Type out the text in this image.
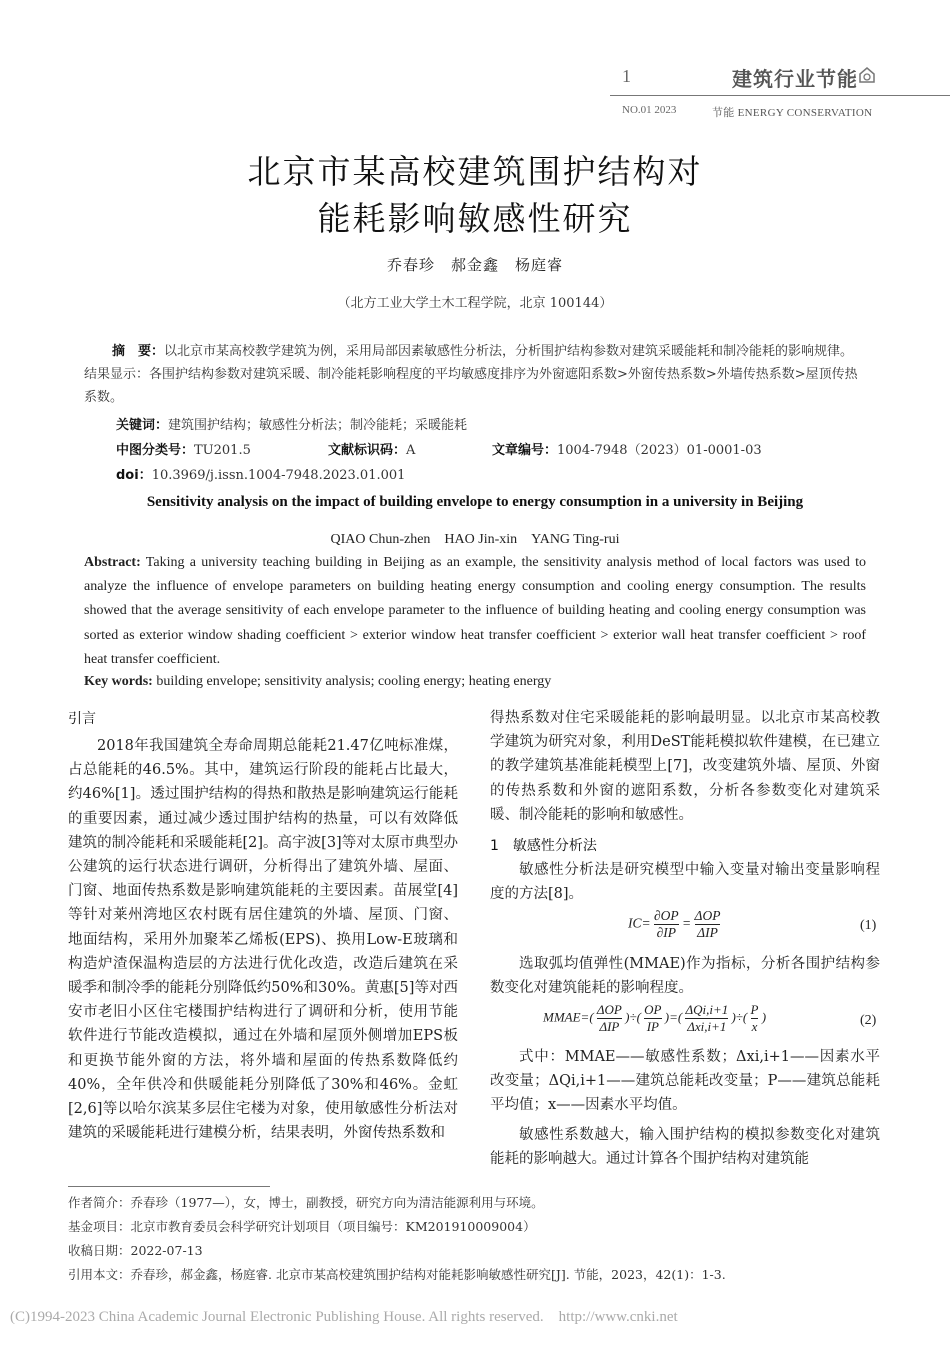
1	建筑行业节能
NO.01 2023	节能 ENERGY CONSERVATION
北京市某高校建筑围护结构对
能耗影响敏感性研究
乔春珍　郝金鑫　杨庭睿
（北方工业大学土木工程学院，北京 100144）
摘　要：以北京市某高校教学建筑为例，采用局部因素敏感性分析法，分析围护结构参数对建筑采暖能耗和制冷能耗的影响规律。结果显示：各围护结构参数对建筑采暖、制冷能耗影响程度的平均敏感度排序为外窗遮阳系数>外窗传热系数>外墙传热系数>屋顶传热系数。
关键词：建筑围护结构；敏感性分析法；制冷能耗；采暖能耗
中图分类号：TU201.5	文献标识码：A	文章编号：1004-7948（2023）01-0001-03
doi：10.3969/j.issn.1004-7948.2023.01.001
Sensitivity analysis on the impact of building envelope to energy consumption in a university in Beijing
QIAO Chun-zhen　HAO Jin-xin　YANG Ting-rui
Abstract: Taking a university teaching building in Beijing as an example, the sensitivity analysis method of local factors was used to analyze the influence of envelope parameters on building heating energy consumption and cooling energy consumption. The results showed that the average sensitivity of each envelope parameter to the influence of building heating and cooling energy consumption was sorted as exterior window shading coefficient > exterior window heat transfer coefficient > exterior wall heat transfer coefficient > roof heat transfer coefficient.
Key words: building envelope; sensitivity analysis; cooling energy; heating energy
引言

2018年我国建筑全寿命周期总能耗21.47亿吨标准煤，占总能耗的46.5%。其中，建筑运行阶段的能耗占比最大，约46%[1]。透过围护结构的得热和散热是影响建筑运行能耗的重要因素，通过减少透过围护结构的热量，可以有效降低建筑的制冷能耗和采暖能耗[2]。高宇波[3]等对太原市典型办公建筑的运行状态进行调研，分析得出了建筑外墙、屋面、门窗、地面传热系数是影响建筑能耗的主要因素。苗展堂[4]等针对莱州湾地区农村既有居住建筑的外墙、屋顶、门窗、地面结构，采用外加聚苯乙烯板(EPS)、换用Low-E玻璃和构造炉渣保温构造层的方法进行优化改造，改造后建筑在采暖季和制冷季的能耗分别降低约50%和30%。黄惠[5]等对西安市老旧小区住宅楼围护结构进行了调研和分析，使用节能软件进行节能改造模拟，通过在外墙和屋顶外侧增加EPS板和更换节能外窗的方法，将外墙和屋面的传热系数降低约40%，全年供冷和供暖能耗分别降低了30%和46%。金虹[2,6]等以哈尔滨某多层住宅楼为对象，使用敏感性分析法对建筑的采暖能耗进行建模分析，结果表明，外窗传热系数和

得热系数对住宅采暖能耗的影响最明显。以北京市某高校教学建筑为研究对象，利用DeST能耗模拟软件建模，在已建立的教学建筑基准能耗模型上[7]，改变建筑外墙、屋顶、外窗的传热系数和外窗的遮阳系数，分析各参数变化对建筑采暖、制冷能耗的影响和敏感性。

1　敏感性分析法

敏感性分析法是研究模型中输入变量对输出变量影响程度的方法[8]。

$IC= \frac{\partial OP}{\partial IP}$ =
ΔOP
ΔIP	(1)

选取弧均值弹性(MMAE)作为指标，分析各围护结构参数变化对建筑能耗的影响程度。

MMAE=( ΔOP
ΔIP
)÷( $\frac{OP}{IP}$ )=( ΔQi,i+1
Δxi,i+1
)÷( $\frac{P}{x}$ )	(2)

式中：MMAE——敏感性系数；Δxi,i+1——因素水平改变量；ΔQi,i+1——建筑总能耗改变量；P——建筑总能耗平均值；x——因素水平均值。

敏感性系数越大，输入围护结构的模拟参数变化对建筑能耗的影响越大。通过计算各个围护结构对建筑能

作者简介：乔春珍（1977—），女，博士，副教授，研究方向为清洁能源利用与环境。
基金项目：北京市教育委员会科学研究计划项目（项目编号：KM201910009004）
收稿日期：2022-07-13
引用本文：乔春珍，郝金鑫，杨庭睿. 北京市某高校建筑围护结构对能耗影响敏感性研究[J]. 节能，2023，42(1)：1-3.
(C)1994-2023 China Academic Journal Electronic Publishing House. All rights reserved.　http://www.cnki.net
